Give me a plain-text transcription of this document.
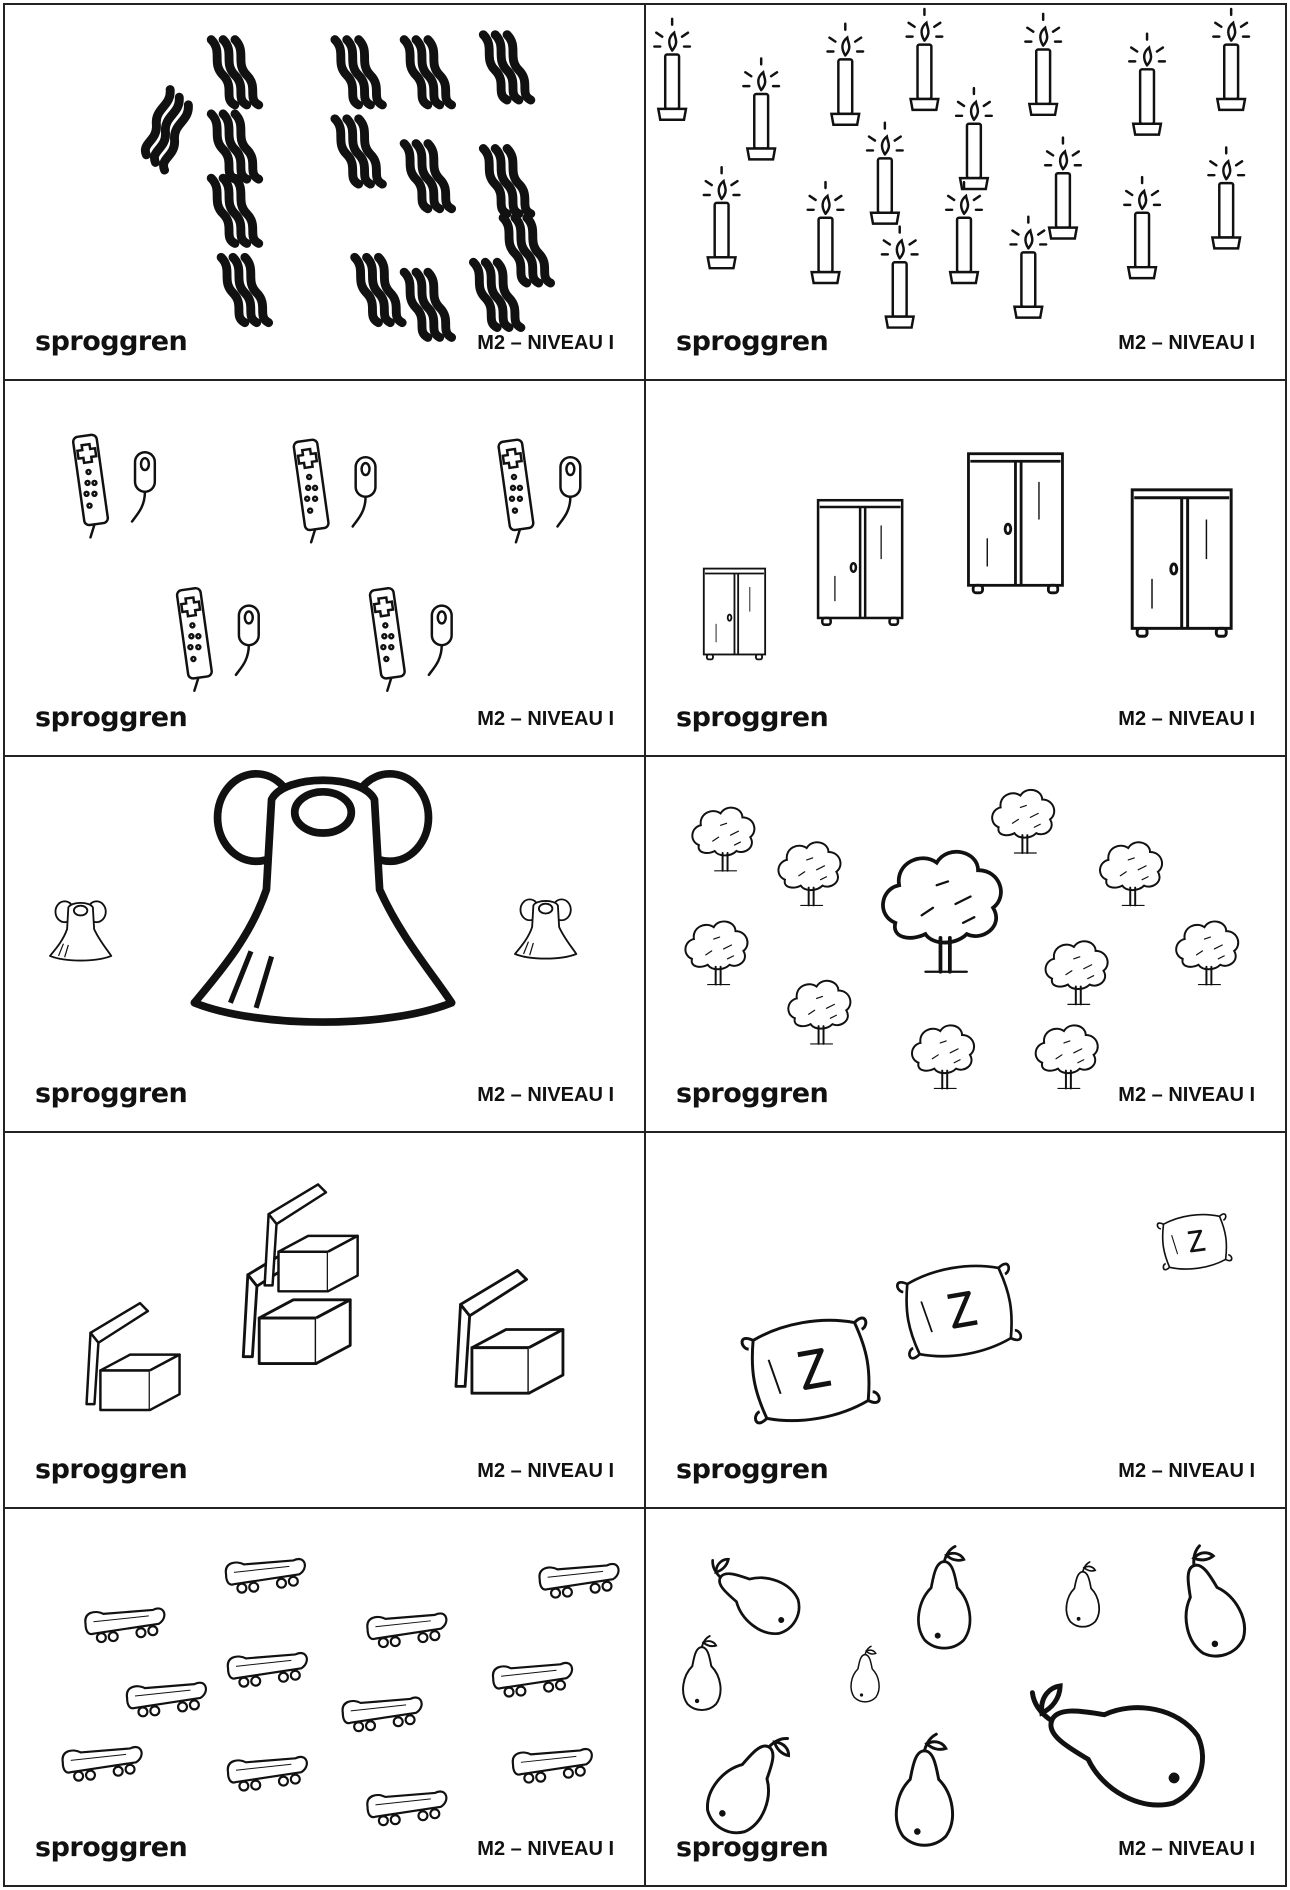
sproggren	M2 – NIVEAU I sproggren	M2 – NIVEAU I
sproggren	M2 – NIVEAU I sproggren	M2 – NIVEAU I
sproggren	M2 – NIVEAU I sproggren	M2 – NIVEAU I
sproggren	M2 – NIVEAU I sproggren	M2 – NIVEAU I
sproggren	M2 – NIVEAU I sproggren	M2 – NIVEAU I
